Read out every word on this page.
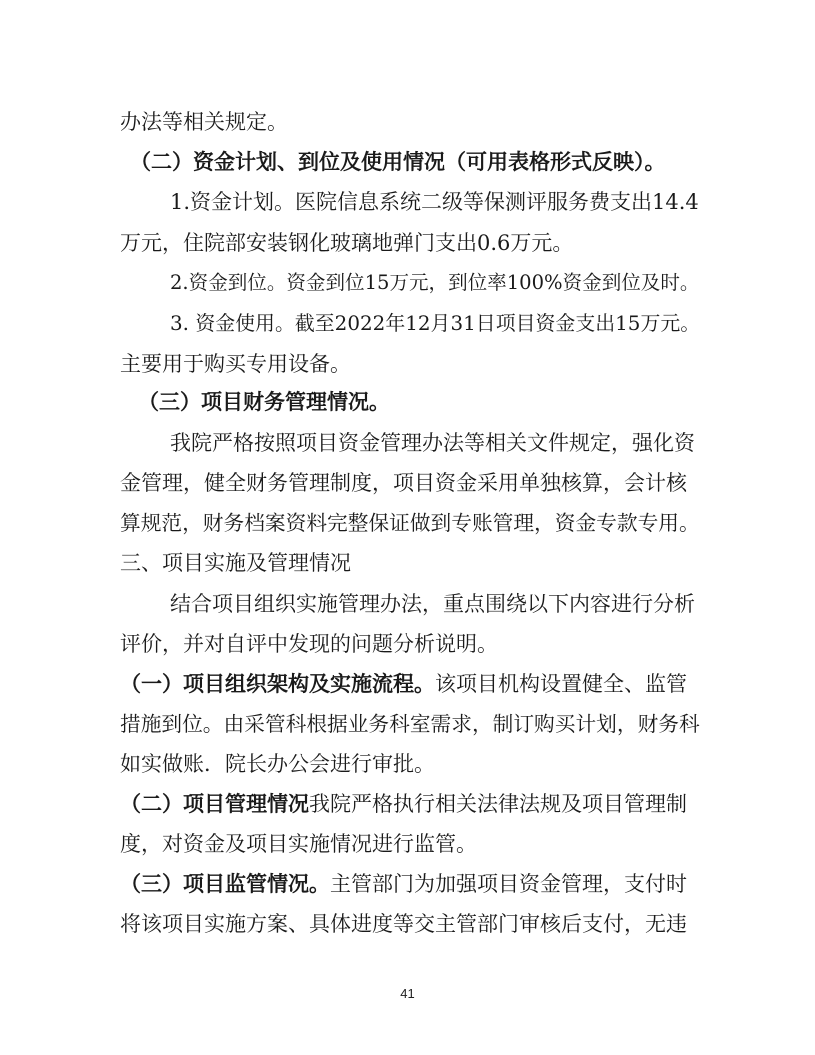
办法等相关规定。
（二）资金计划、到位及使用情况（可用表格形式反映）。
1.资金计划。医院信息系统二级等保测评服务费支出14.4
万元，住院部安装钢化玻璃地弹门支出0.6万元。
2.资金到位。资金到位15万元，到位率100%资金到位及时。
3. 资金使用。截至2022年12月31日项目资金支出15万元。
主要用于购买专用设备。
（三）项目财务管理情况。
我院严格按照项目资金管理办法等相关文件规定，强化资
金管理，健全财务管理制度，项目资金采用单独核算，会计核
算规范，财务档案资料完整保证做到专账管理，资金专款专用。
三、项目实施及管理情况
结合项目组织实施管理办法，重点围绕以下内容进行分析
评价，并对自评中发现的问题分析说明。
（一）项目组织架构及实施流程。该项目机构设置健全、监管
措施到位。由采管科根据业务科室需求，制订购买计划，财务科
如实做账．院长办公会进行审批。
（二）项目管理情况我院严格执行相关法律法规及项目管理制
度，对资金及项目实施情况进行监管。
（三）项目监管情况。主管部门为加强项目资金管理，支付时
将该项目实施方案、具体进度等交主管部门审核后支付，无违
41
